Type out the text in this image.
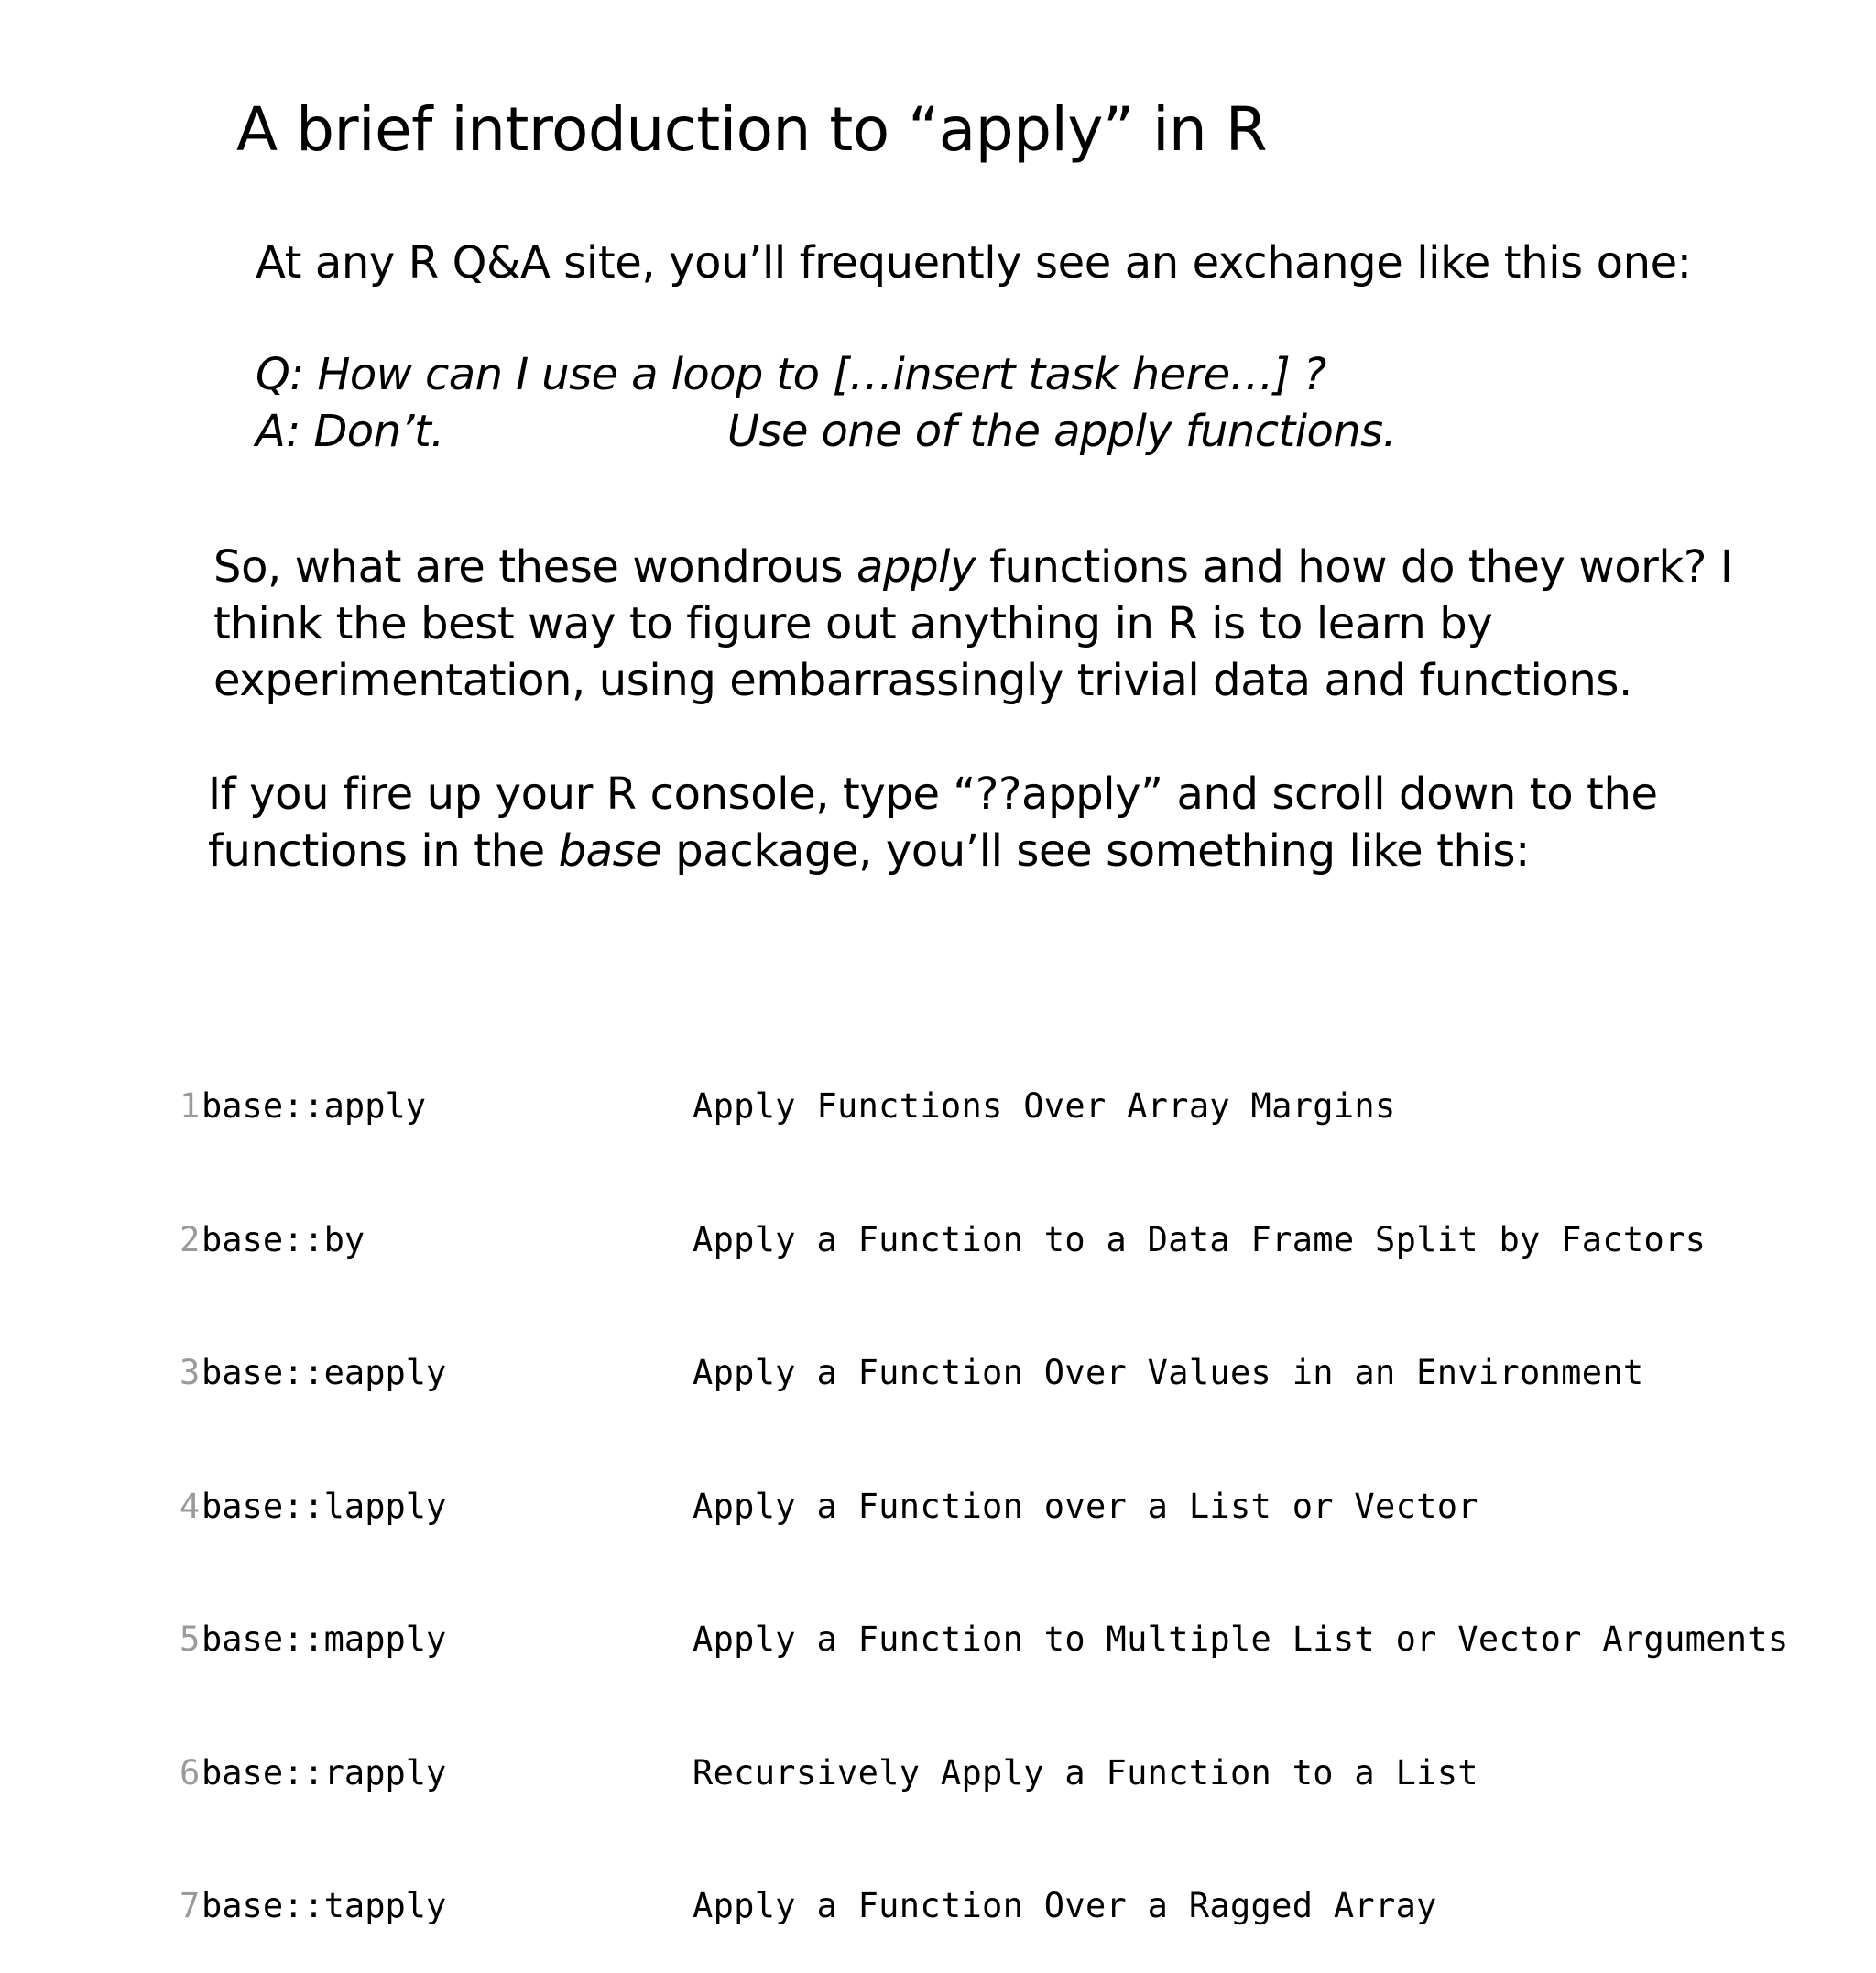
A brief introduction to “apply” in R
At any R Q&A site, you’ll frequently see an exchange like this one:
Q: How can I use a loop to […insert task here…] ?
A: Don’t.	Use one of the apply functions.
So, what are these wondrous apply functions and how do they work? I
think the best way to figure out anything in R is to learn by
experimentation, using embarrassingly trivial data and functions.
If you fire up your R console, type “??apply” and scroll down to the
functions in the base package, you’ll see something like this:

1 base::apply	Apply Functions Over Array Margins

2 base::by	Apply a Function to a Data Frame Split by Factors

3 base::eapply	Apply a Function Over Values in an Environment

4 base::lapply	Apply a Function over a List or Vector

5 base::mapply	Apply a Function to Multiple List or Vector Arguments

6 base::rapply	Recursively Apply a Function to a List

7 base::tapply	Apply a Function Over a Ragged Array
